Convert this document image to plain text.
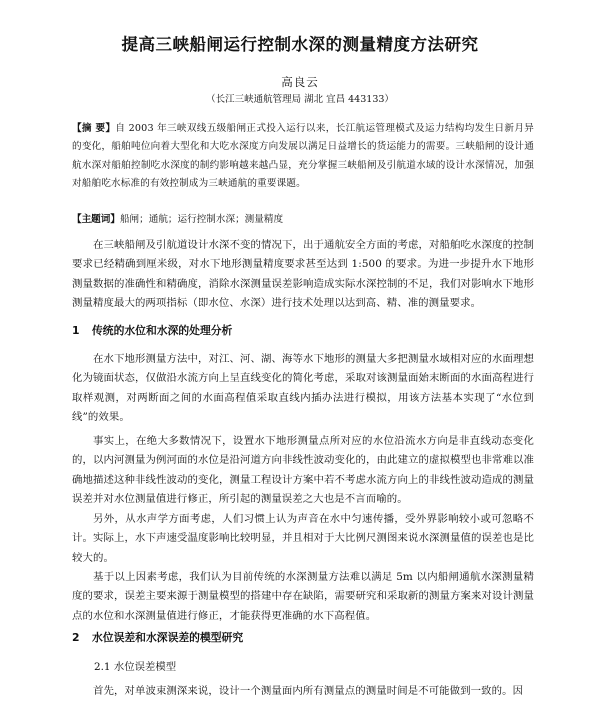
提高三峡船闸运行控制水深的测量精度方法研究
高良云
（长江三峡通航管理局 湖北 宜昌 443133）
【摘 要】自 2003 年三峡双线五级船闸正式投入运行以来，长江航运管理模式及运力结构均发生日新月异的变化，船舶吨位向着大型化和大吃水深度方向发展以满足日益增长的货运能力的需要。三峡船闸的设计通航水深对船舶控制吃水深度的制约影响越来越凸显，充分掌握三峡船闸及引航道水域的设计水深情况，加强对船舶吃水标准的有效控制成为三峡通航的重要课题。
【主题词】船闸；通航；运行控制水深；测量精度
在三峡船闸及引航道设计水深不变的情况下，出于通航安全方面的考虑，对船舶吃水深度的控制要求已经精确到厘米级，对水下地形测量精度要求甚至达到 1:500 的要求。为进一步提升水下地形测量数据的准确性和精确度，消除水深测量误差影响造成实际水深控制的不足，我们对影响水下地形测量精度最大的两项指标（即水位、水深）进行技术处理以达到高、精、准的测量要求。
1 传统的水位和水深的处理分析
在水下地形测量方法中，对江、河、湖、海等水下地形的测量大多把测量水域相对应的水面理想化为镜面状态，仅做沿水流方向上呈直线变化的简化考虑，采取对该测量面始末断面的水面高程进行取样观测，对两断面之间的水面高程值采取直线内插办法进行模拟，用该方法基本实现了“水位到线”的效果。
事实上，在绝大多数情况下，设置水下地形测量点所对应的水位沿流水方向是非直线动态变化的，以内河测量为例河面的水位是沿河道方向非线性波动变化的，由此建立的虚拟模型也非常难以准确地描述这种非线性波动的变化，测量工程设计方案中若不考虑水流方向上的非线性波动造成的测量误差并对水位测量值进行修正，所引起的测量误差之大也是不言而喻的。
另外，从水声学方面考虑，人们习惯上认为声音在水中匀速传播，受外界影响较小或可忽略不计。实际上，水下声速受温度影响比较明显，并且相对于大比例尺测图来说水深测量值的误差也是比较大的。
基于以上因素考虑，我们认为目前传统的水深测量方法难以满足 5m 以内船闸通航水深测量精度的要求，误差主要来源于测量模型的搭建中存在缺陷，需要研究和采取新的测量方案来对设计测量点的水位和水深测量值进行修正，才能获得更准确的水下高程值。
2 水位误差和水深误差的模型研究
2.1 水位误差模型
首先，对单波束测深来说，设计一个测量面内所有测量点的测量时间是不可能做到一致的。因
